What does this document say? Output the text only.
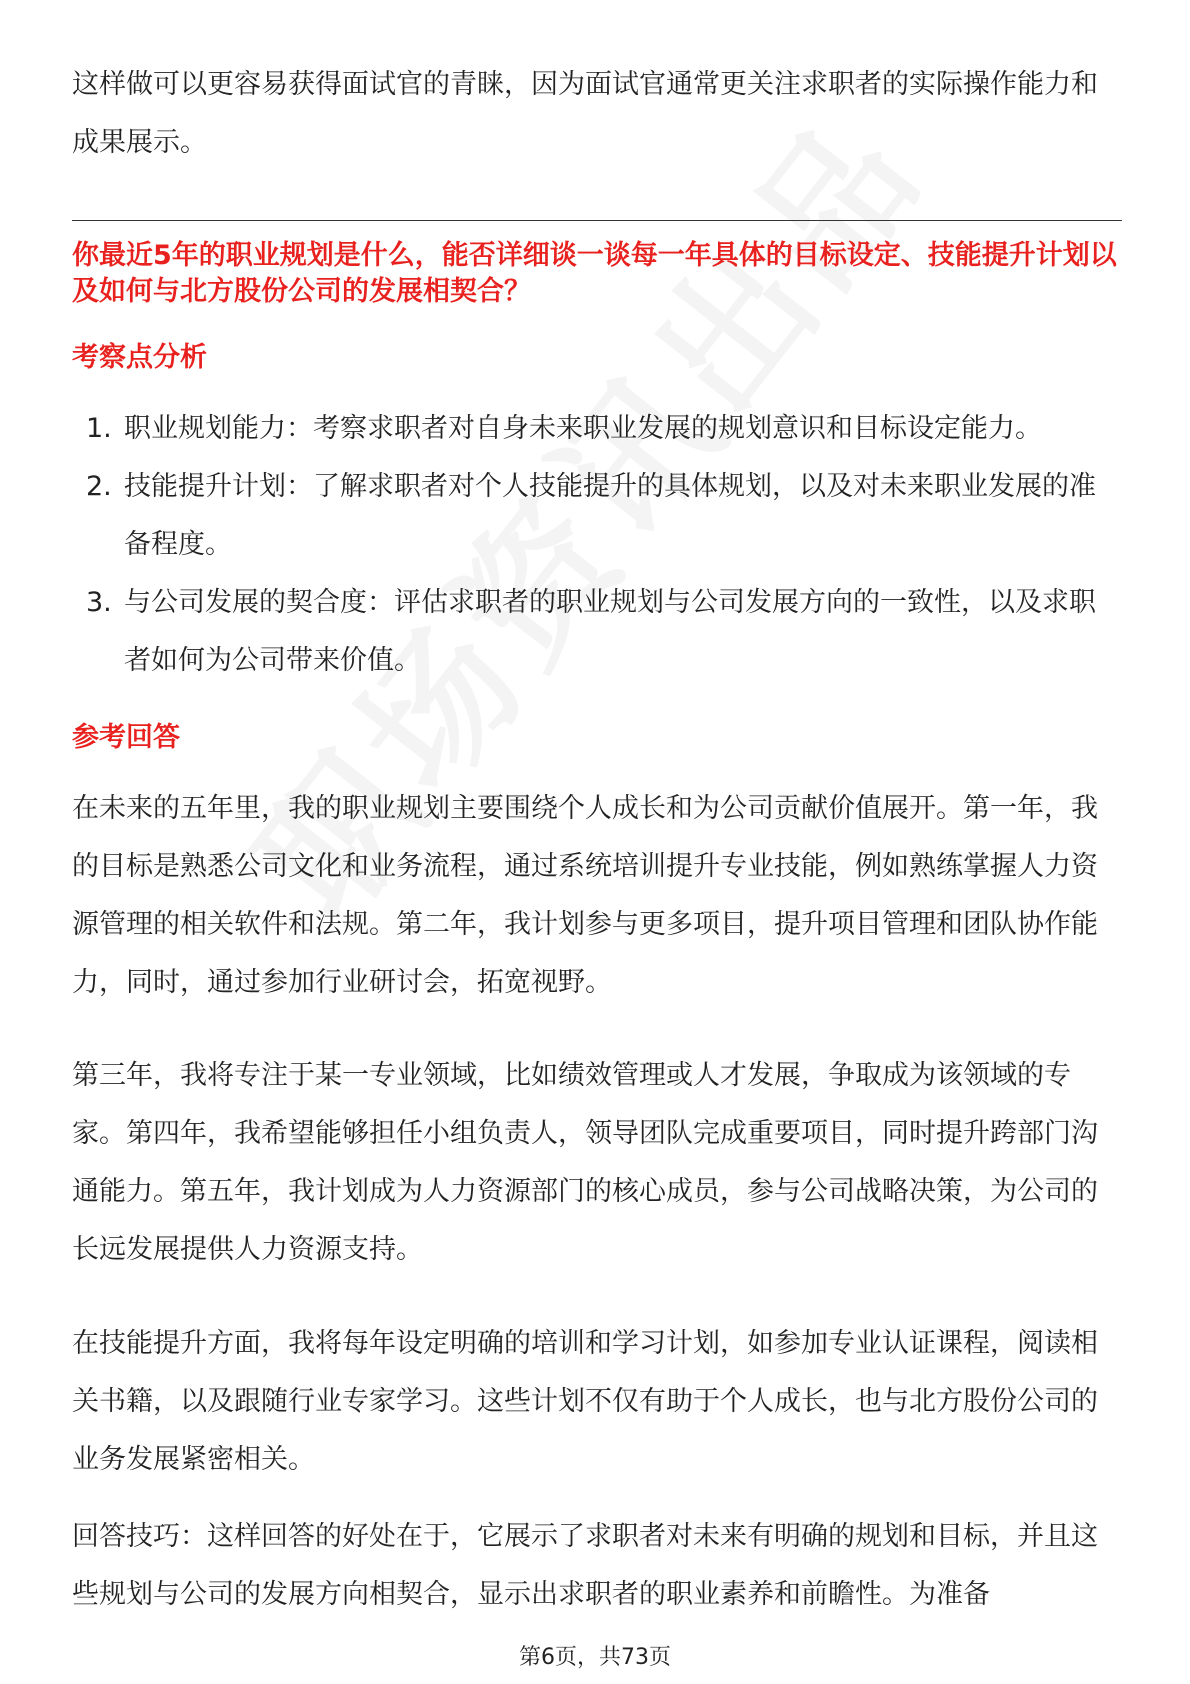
这样做可以更容易获得面试官的青睐，因为面试官通常更关注求职者的实际操作能力和成果展示。

你最近5年的职业规划是什么，能否详细谈一谈每一年具体的目标设定、技能提升计划以及如何与北方股份公司的发展相契合？
考察点分析
1. 职业规划能力：考察求职者对自身未来职业发展的规划意识和目标设定能力。
2. 技能提升计划：了解求职者对个人技能提升的具体规划，以及对未来职业发展的准备程度。
3. 与公司发展的契合度：评估求职者的职业规划与公司发展方向的一致性，以及求职者如何为公司带来价值。
参考回答

在未来的五年里，我的职业规划主要围绕个人成长和为公司贡献价值展开。第一年，我的目标是熟悉公司文化和业务流程，通过系统培训提升专业技能，例如熟练掌握人力资源管理的相关软件和法规。第二年，我计划参与更多项目，提升项目管理和团队协作能力，同时，通过参加行业研讨会，拓宽视野。

第三年，我将专注于某一专业领域，比如绩效管理或人才发展，争取成为该领域的专家。第四年，我希望能够担任小组负责人，领导团队完成重要项目，同时提升跨部门沟通能力。第五年，我计划成为人力资源部门的核心成员，参与公司战略决策，为公司的长远发展提供人力资源支持。

在技能提升方面，我将每年设定明确的培训和学习计划，如参加专业认证课程，阅读相关书籍，以及跟随行业专家学习。这些计划不仅有助于个人成长，也与北方股份公司的业务发展紧密相关。

回答技巧：这样回答的好处在于，它展示了求职者对未来有明确的规划和目标，并且这些规划与公司的发展方向相契合，显示出求职者的职业素养和前瞻性。为准备

第6页，共73页
